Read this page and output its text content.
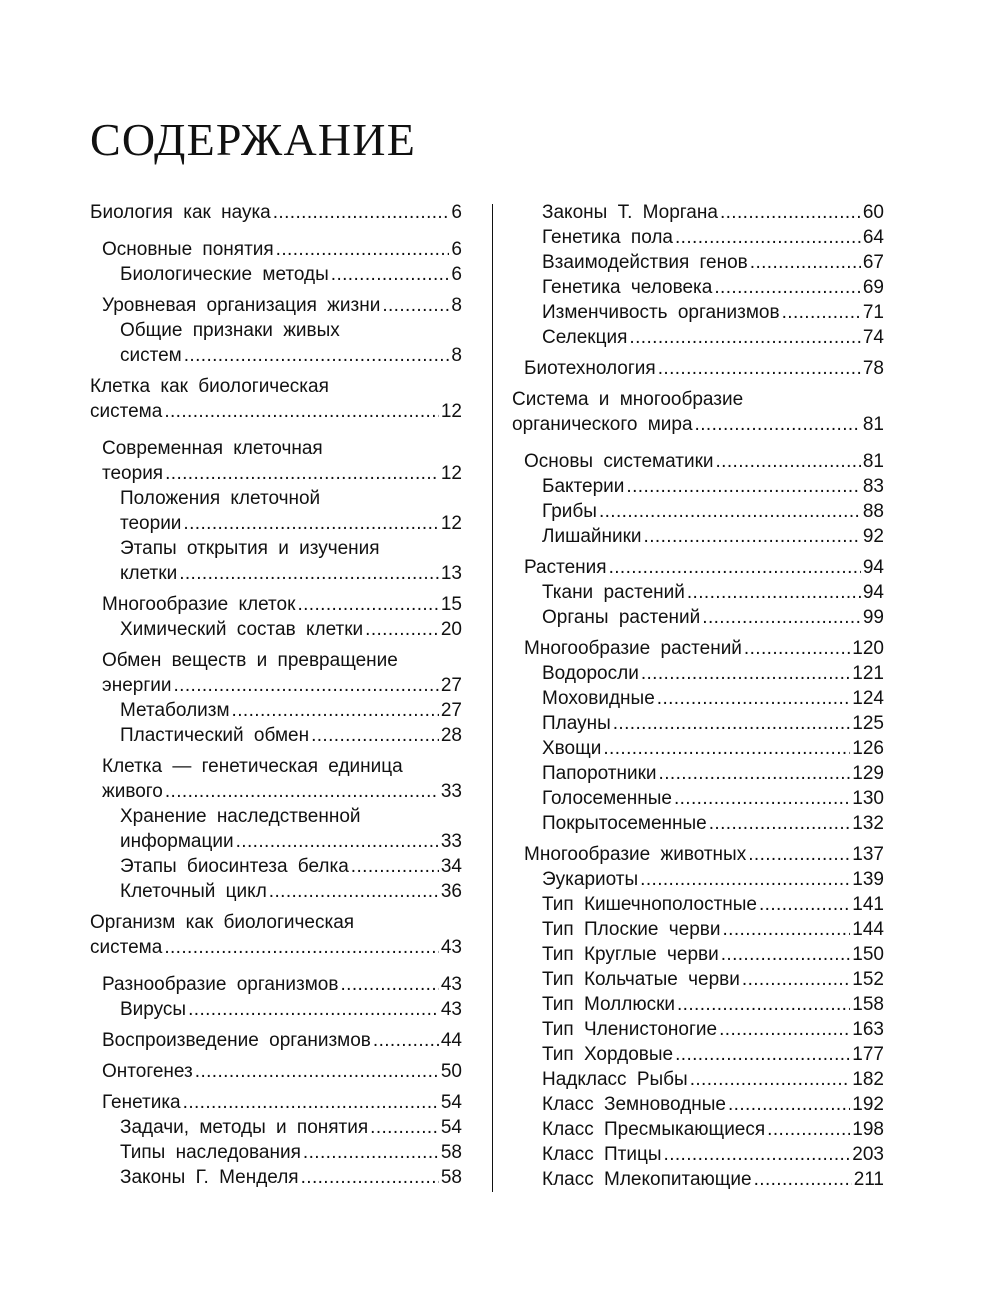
СОДЕРЖАНИЕ
Биология как наука .....	6
Основные понятия .....	6
Биологические методы .....	6
Уровневая организация жизни .....	8
Общие признаки живых
систем .....	8
Клетка как биологическая
система .....	12
Современная клеточная
теория .....	12
Положения клеточной
теории .....	12
Этапы открытия и изучения
клетки .....	13
Многообразие клеток .....	15
Химический состав клетки .....	20
Обмен веществ и превращение
энергии .....	27
Метаболизм .....	27
Пластический обмен .....	28
Клетка — генетическая единица
живого .....	33
Хранение наследственной
информации .....	33
Этапы биосинтеза белка .....	34
Клеточный цикл .....	36
Организм как биологическая
система .....	43
Разнообразие организмов .....	43
Вирусы .....	43
Воспроизведение организмов .....	44
Онтогенез .....	50
Генетика .....	54
Задачи, методы и понятия .....	54
Типы наследования .....	58
Законы Г. Менделя .....	58
Законы Т. Моргана .....	60
Генетика пола .....	64
Взаимодействия генов .....	67
Генетика человека .....	69
Изменчивость организмов .....	71
Селекция .....	74
Биотехнология .....	78
Система и многообразие
органического мира .....	81
Основы систематики .....	81
Бактерии .....	83
Грибы .....	88
Лишайники .....	92
Растения .....	94
Ткани растений .....	94
Органы растений .....	99
Многообразие растений .....	120
Водоросли .....	121
Моховидные .....	124
Плауны .....	125
Хвощи .....	126
Папоротники .....	129
Голосеменные .....	130
Покрытосеменные .....	132
Многообразие животных .....	137
Эукариоты .....	139
Тип Кишечнополостные .....	141
Тип Плоские черви .....	144
Тип Круглые черви .....	150
Тип Кольчатые черви .....	152
Тип Моллюски .....	158
Тип Членистоногие .....	163
Тип Хордовые .....	177
Надкласс Рыбы .....	182
Класс Земноводные .....	192
Класс Пресмыкающиеся .....	198
Класс Птицы .....	203
Класс Млекопитающие .....	211
